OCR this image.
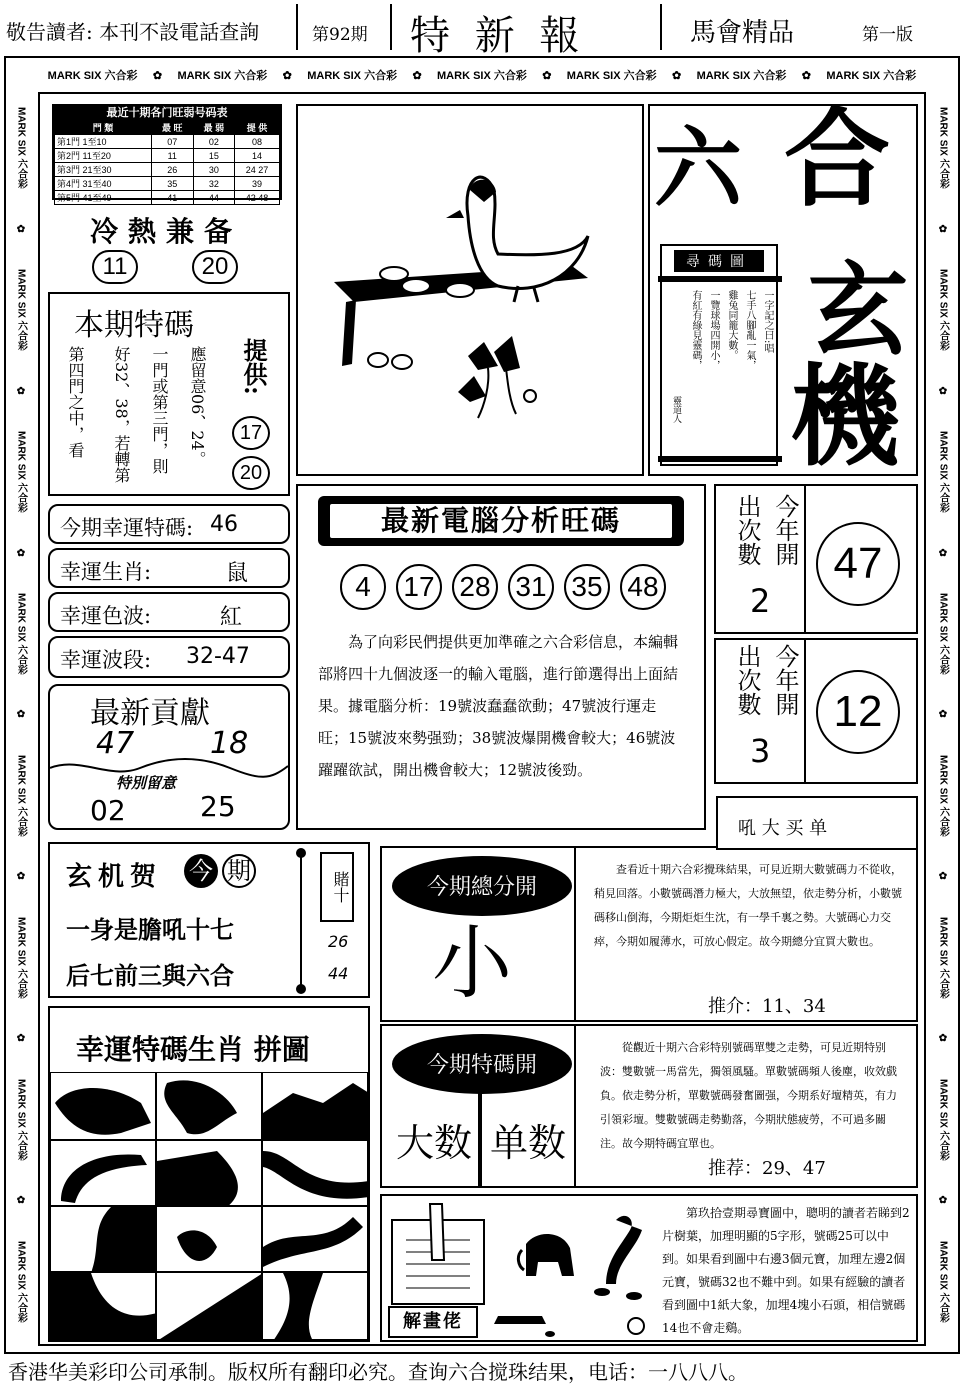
敬告讀者: 本刊不設電話查詢	第92期 特 新 報	馬會精品	第一版
MARK SIX 六合彩 ✿ MARK SIX 六合彩 ✿ MARK SIX 六合彩 ✿ MARK SIX 六合彩 ✿ MARK SIX 六合彩 ✿ MARK SIX 六合彩 ✿ MARK SIX 六合彩
MARK SIX 六合彩
✿
MARK SIX 六合彩
✿
MARK SIX 六合彩
✿
MARK SIX 六合彩
✿
MARK SIX 六合彩
✿
MARK SIX 六合彩
✿
MARK SIX 六合彩
✿
MARK SIX 六合彩
MARK SIX 六合彩
✿
MARK SIX 六合彩
✿
MARK SIX 六合彩
✿
MARK SIX 六合彩
✿
MARK SIX 六合彩
✿
MARK SIX 六合彩
✿
MARK SIX 六合彩
✿
MARK SIX 六合彩
最近十期各门旺弱号码表
門 類	最 旺	最 弱	提 供
第1門 1至10	07	02	08
第2門 11至20	11	15	14
第3門 21至30	26	30	24 27
第4門 31至40	35	32	39
第5門 41至49	41	44	42 48
冷熱兼备
11	20
本期特碼
應留意06、24。
一門或第三門，則
好32、38，若轉第
第四門之中，看	提供:
17
20
今期幸運特碼: 46
幸運生肖:	鼠
幸運色波:	紅
幸運波段: 32-47
最新貢獻
47	18
特別留意
02	25
玄机贺 今 期
一身是膽吼十七
后七前三與六合
賭十
26
44
幸運特碼生肖 拼圖
六 合
玄
機
尋碼圖
一字記之曰:唱
七手八腳亂一氣，
雞兔同籠大數。
一覽球場四開小，
有紅有綠見靈碼，
靈道人
最新電腦分析旺碼
4	17 28 31 35 48
為了向彩民們提供更加準確之六合彩信息，本編輯部將四十九個波逐一的輸入電腦，進行節選得出上面結果。據電腦分析：19號波蠢蠢欲動；47號波行運走旺；15號波來勢强勁；38號波爆開機會較大；46號波躍躍欲試，開出機會較大；12號波後勁。
今年開
出次數
2
47
今年開
出次數
3
12
今期總分開
小
吼 大 买 单
查看近十期六合彩攪珠結果，可見近期大數號碼力不從收，稍見回落。小數號碼潛力極大，大放無望，依走勢分析，小數號碼移山倒海，今期炬炬生沈，有一學千裏之勢。大號碼心力交瘁，今期如履薄水，可放心假定。故今期總分宜買大數也。
推介：11、34
今期特碼開
大数 单数
從觀近十期六合彩特别號碼單雙之走勢，可見近期特别波：雙數號一馬當先，獨領風騷。單數號碼頻人後塵，收效戲負。依走勢分析，單數號碼發奮圖强，今期系好壇精英，有力引領彩壇。雙數號碼走勢勤落，今期狀態疲勞，不可過多關注。故今期特碼宜單也。
推荐：29、47
解畫佬
第玖拾壹期尋寶圖中，聰明的讀者若睇到2片樹葉，加理明顯的5字形，號碼25可以中到。如果看到圖中右邊3個元寶，加理左邊2個元寶，號碼32也不難中到。如果有經驗的讀者看到圖中1紙大象，加埋4塊小石頭，相信號碼14也不會走鷄。
香港华美彩印公司承制。版权所有翻印必究。查询六合搅珠结果，电话：一八八八。
